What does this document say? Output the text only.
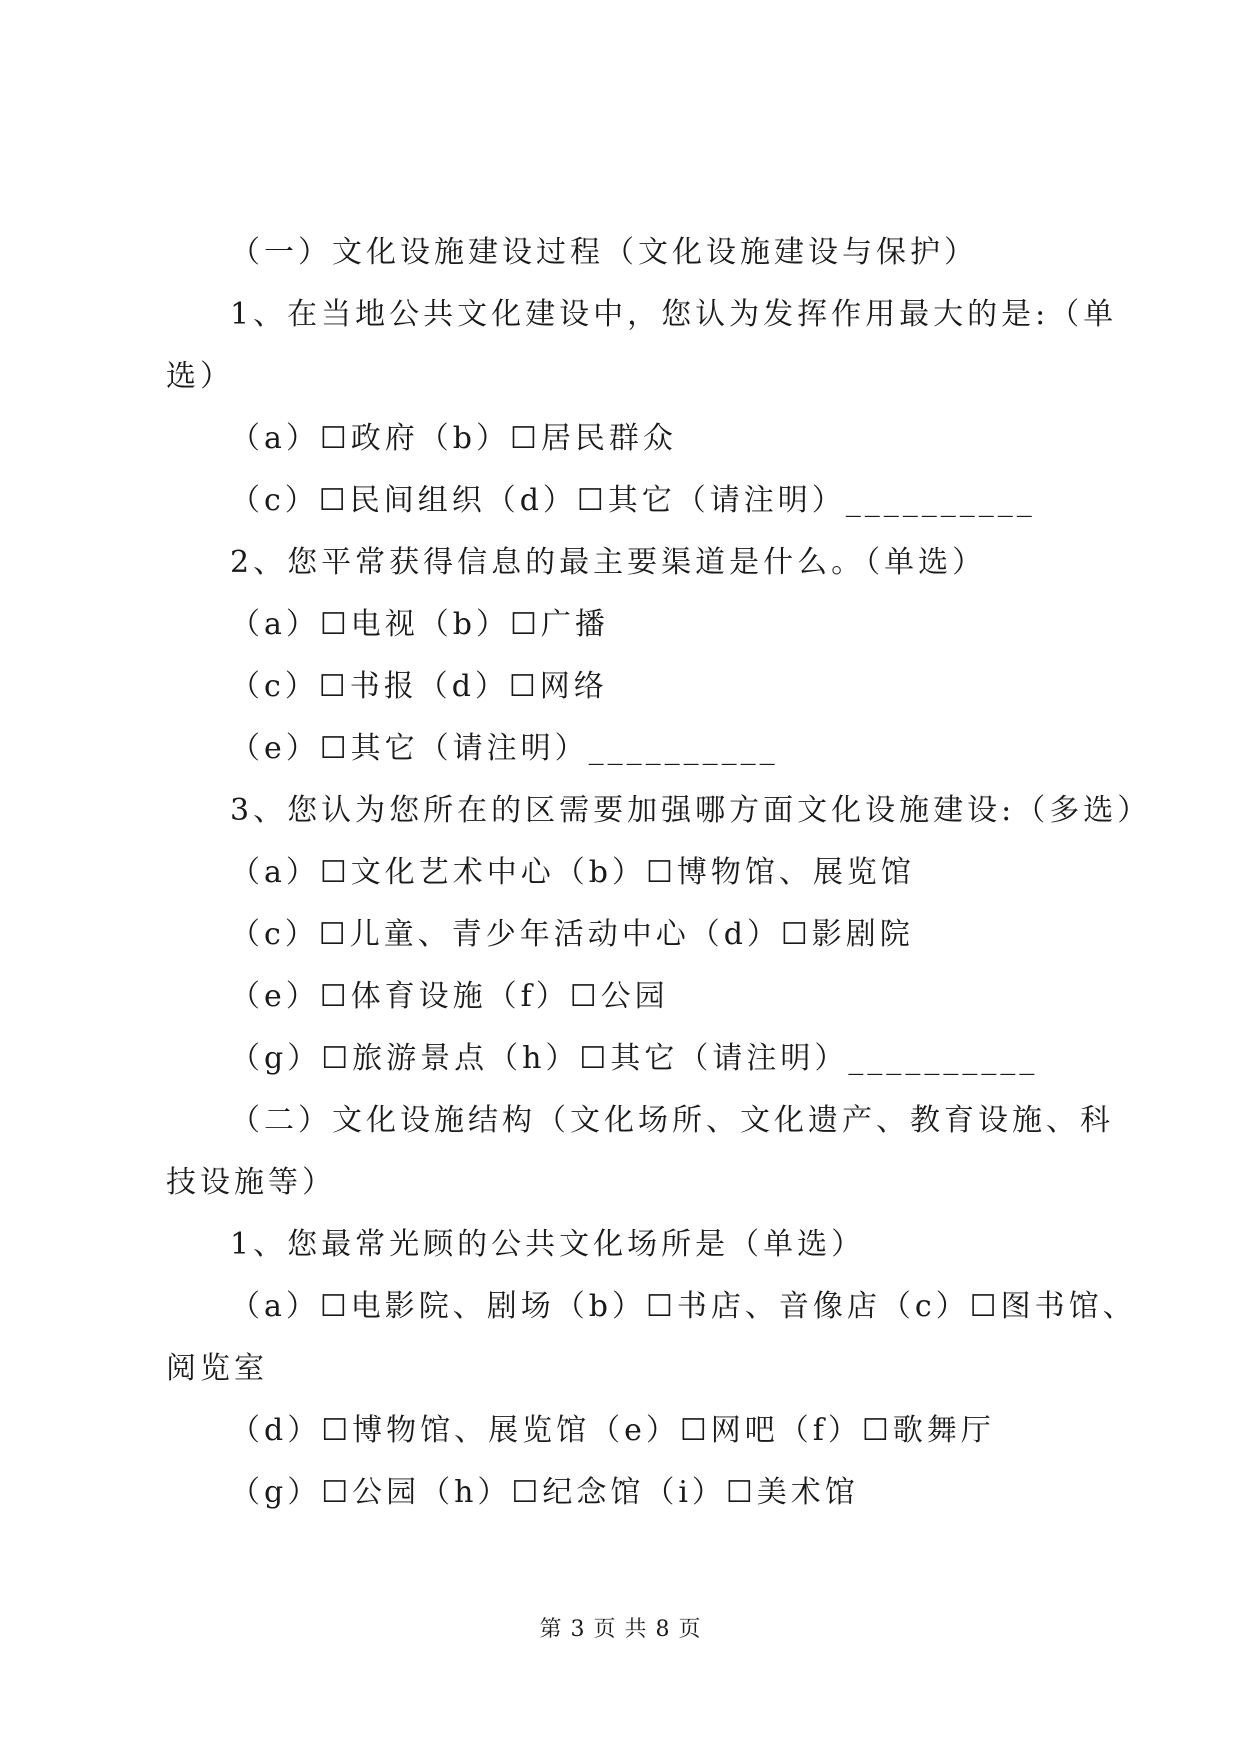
（一）文化设施建设过程（文化设施建设与保护）
1、在当地公共文化建设中，您认为发挥作用最大的是:（单
选）
（a）☐政府（b）☐居民群众
（c）☐民间组织（d）☐其它（请注明）__________
2、您平常获得信息的最主要渠道是什么。（单选）
（a）☐电视（b）☐广播
（c）☐书报（d）☐网络
（e）☐其它（请注明）__________
3、您认为您所在的区需要加强哪方面文化设施建设:（多选）
（a）☐文化艺术中心（b）☐博物馆、展览馆
（c）☐儿童、青少年活动中心（d）☐影剧院
（e）☐体育设施（f）☐公园
（g）☐旅游景点（h）☐其它（请注明）__________
（二）文化设施结构（文化场所、文化遗产、教育设施、科
技设施等）
1、您最常光顾的公共文化场所是（单选）
（a）☐电影院、剧场（b）☐书店、音像店（c）☐图书馆、
阅览室
（d）☐博物馆、展览馆（e）☐网吧（f）☐歌舞厅
（g）☐公园（h）☐纪念馆（i）☐美术馆
第 3 页 共 8 页
